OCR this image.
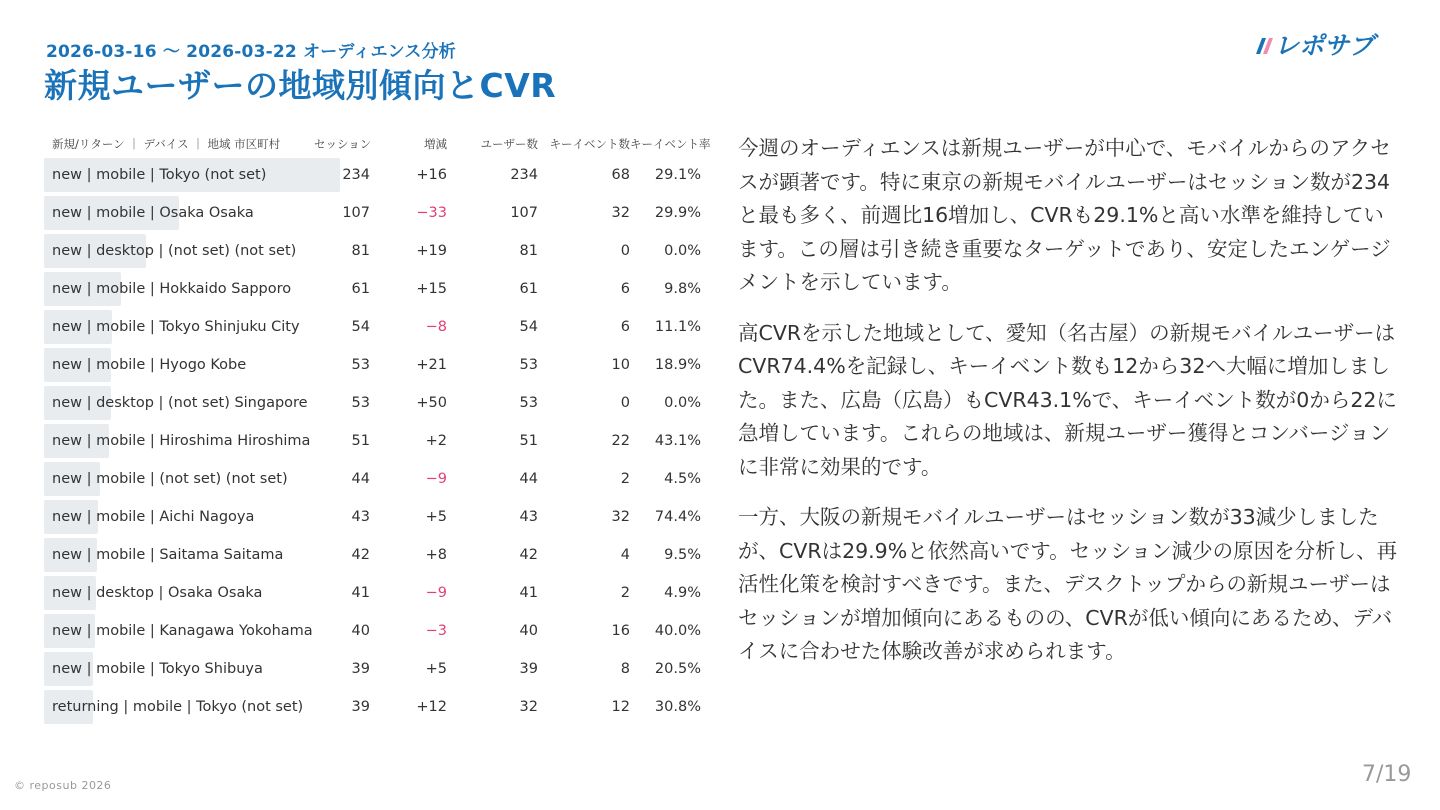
2026-03-16 ～ 2026-03-22 オーディエンス分析
新規ユーザーの地域別傾向とCVR
レポサブ
新規/リターン ｜ デバイス ｜ 地域 市区町村	セッション	増減	ユーザー数	キーイベント数 キーイベント率
new | mobile | Tokyo (not set)	234	+16	234	68	29.1%
new | mobile | Osaka Osaka	107	−33	107	32	29.9%
new | desktop | (not set) (not set)	81	+19	81	0	0.0%
new | mobile | Hokkaido Sapporo	61	+15	61	6	9.8%
new | mobile | Tokyo Shinjuku City	54	−8	54	6	11.1%
new | mobile | Hyogo Kobe	53	+21	53	10	18.9%
new | desktop | (not set) Singapore	53	+50	53	0	0.0%
new | mobile | Hiroshima Hiroshima	51	+2	51	22	43.1%
new | mobile | (not set) (not set)	44	−9	44	2	4.5%
new | mobile | Aichi Nagoya	43	+5	43	32	74.4%
new | mobile | Saitama Saitama	42	+8	42	4	9.5%
new | desktop | Osaka Osaka	41	−9	41	2	4.9%
new | mobile | Kanagawa Yokohama	40	−3	40	16	40.0%
new | mobile | Tokyo Shibuya	39	+5	39	8	20.5%
returning | mobile | Tokyo (not set)	39	+12	32	12	30.8%

今週のオーディエンスは新規ユーザーが中心で、モバイルからのアクセスが顕著です。特に東京の新規モバイルユーザーはセッション数が234と最も多く、前週比16増加し、CVRも29.1%と高い水準を維持しています。この層は引き続き重要なターゲットであり、安定したエンゲージメントを示しています。

高CVRを示した地域として、愛知（名古屋）の新規モバイルユーザーはCVR74.4%を記録し、キーイベント数も12から32へ大幅に増加しました。また、広島（広島）もCVR43.1%で、キーイベント数が0から22に急増しています。これらの地域は、新規ユーザー獲得とコンバージョンに非常に効果的です。

一方、大阪の新規モバイルユーザーはセッション数が33減少しましたが、CVRは29.9%と依然高いです。セッション減少の原因を分析し、再活性化策を検討すべきです。また、デスクトップからの新規ユーザーはセッションが増加傾向にあるものの、CVRが低い傾向にあるため、デバイスに合わせた体験改善が求められます。

© reposub 2026	7/19
